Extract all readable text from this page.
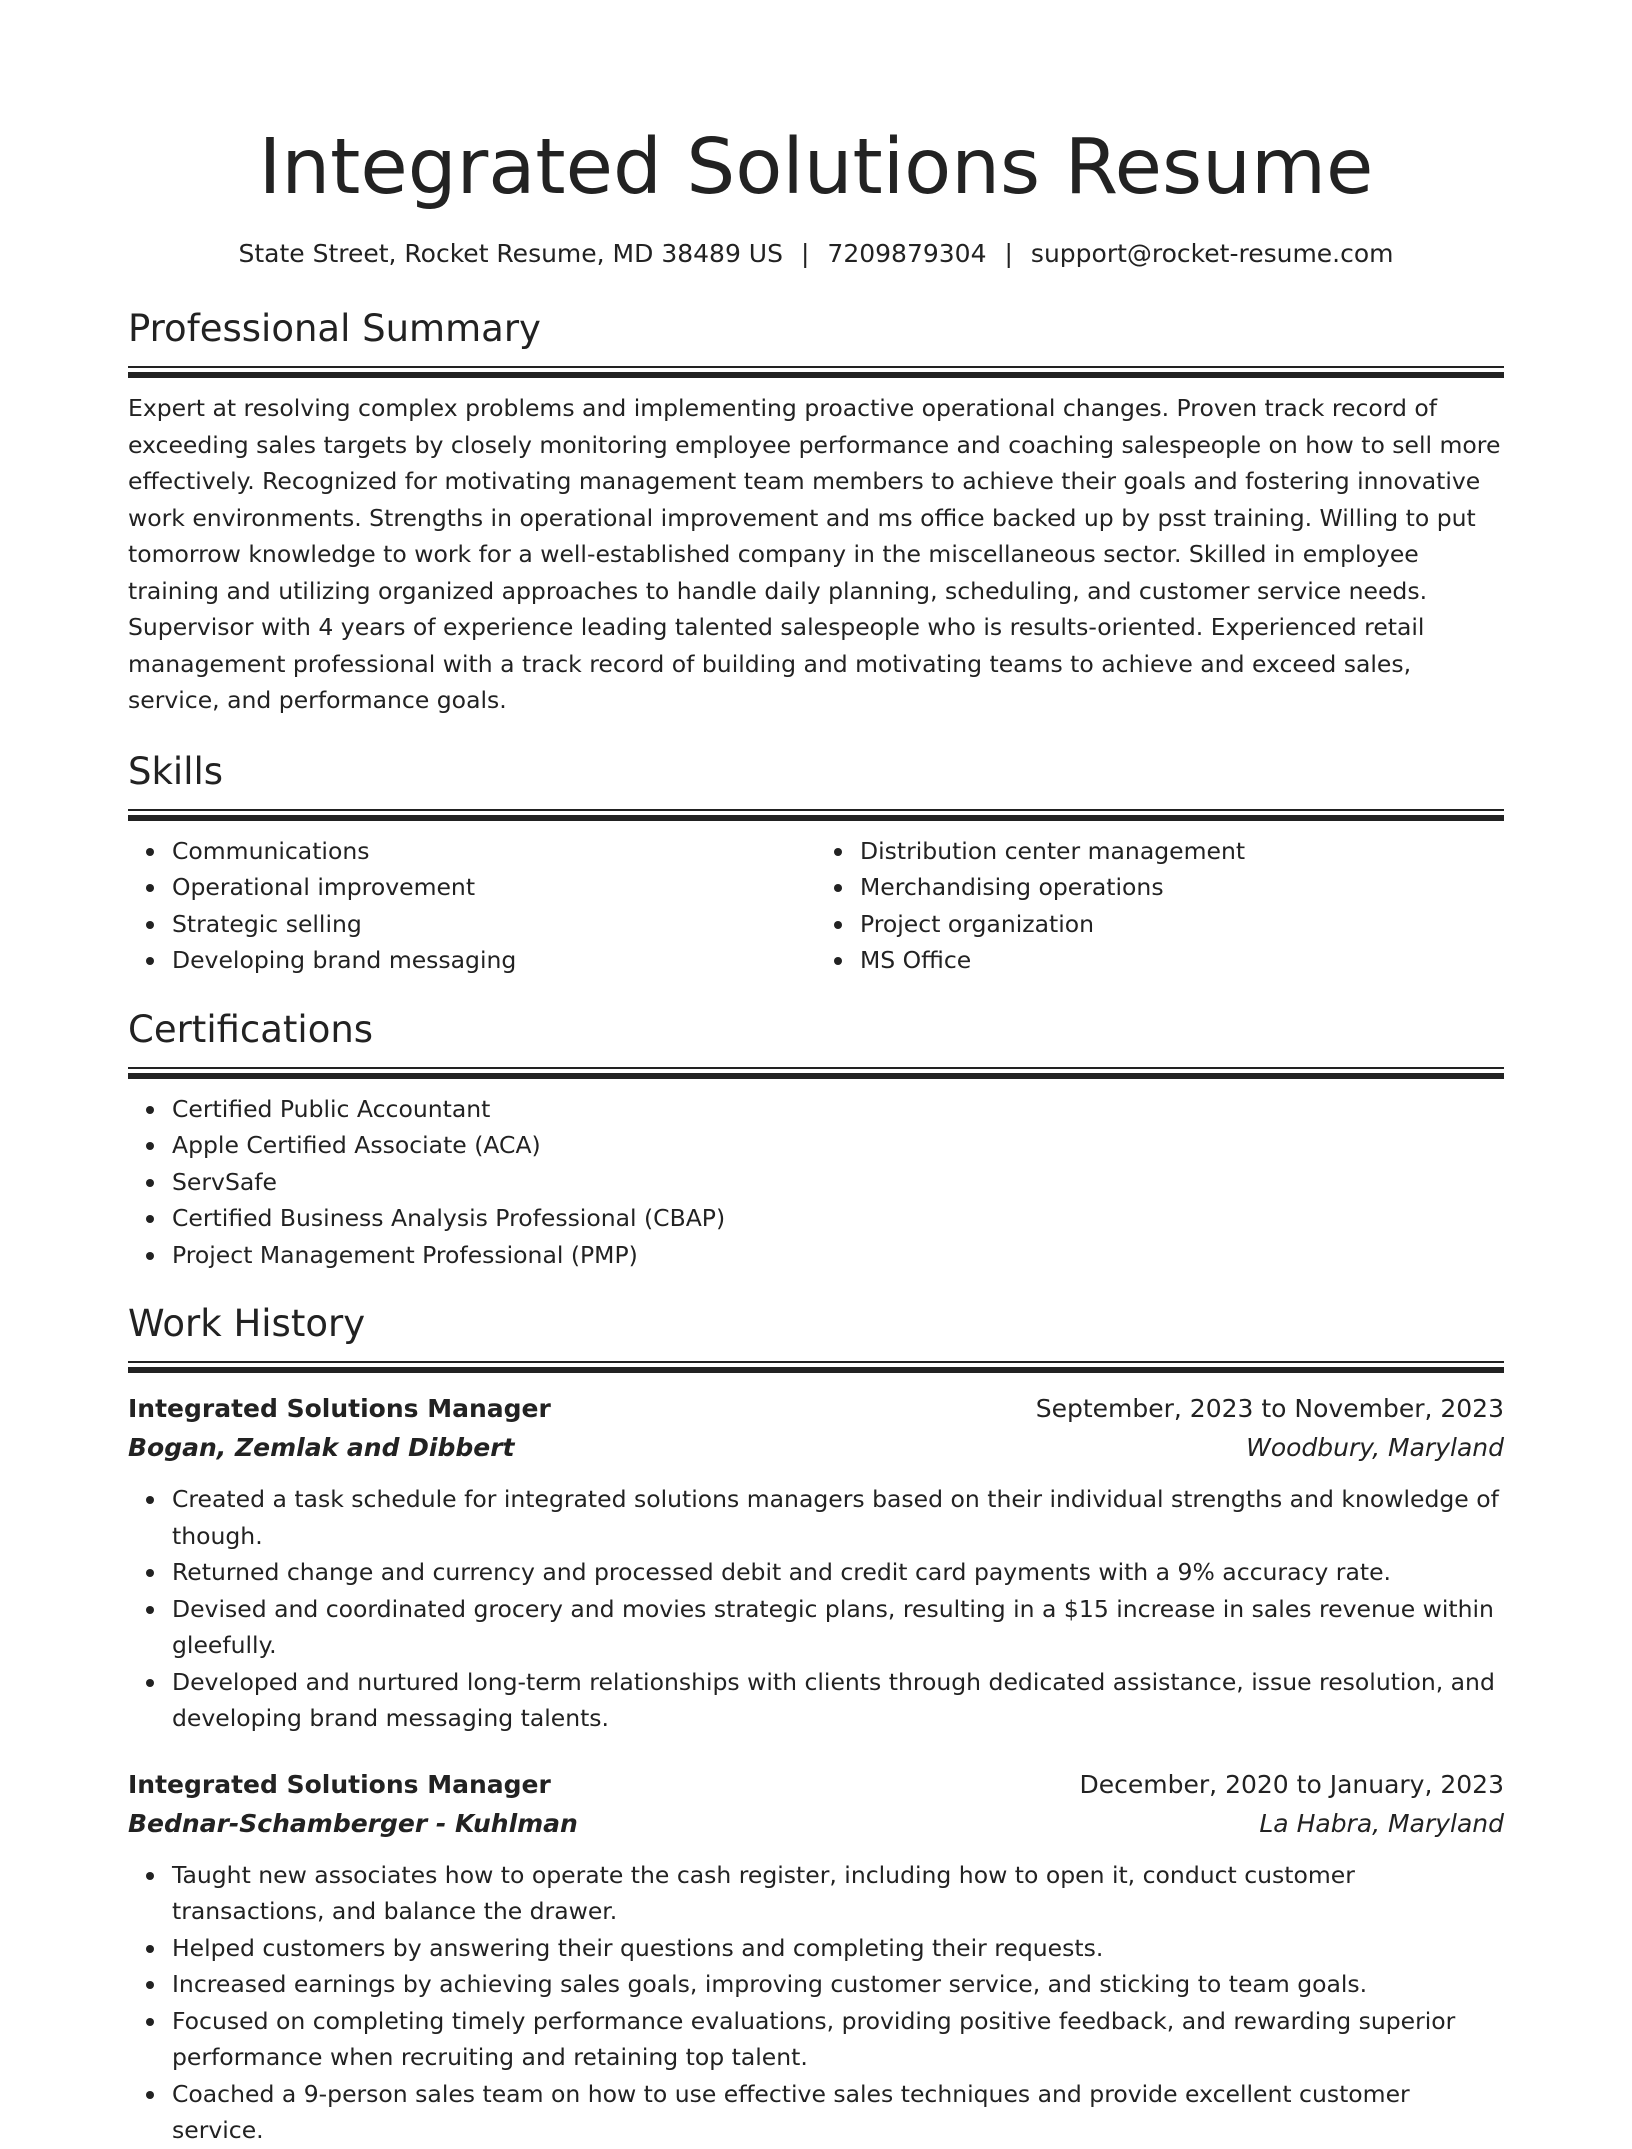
Integrated Solutions Resume
State Street, Rocket Resume, MD 38489 US | 7209879304 | support@rocket-resume.com
Professional Summary

Expert at resolving complex problems and implementing proactive operational changes. Proven track record of exceeding sales targets by closely monitoring employee performance and coaching salespeople on how to sell more effectively. Recognized for motivating management team members to achieve their goals and fostering innovative work environments. Strengths in operational improvement and ms office backed up by psst training. Willing to put tomorrow knowledge to work for a well-established company in the miscellaneous sector. Skilled in employee training and utilizing organized approaches to handle daily planning, scheduling, and customer service needs. Supervisor with 4 years of experience leading talented salespeople who is results-oriented. Experienced retail management professional with a track record of building and motivating teams to achieve and exceed sales, service, and performance goals.

Skills
Communications
Operational improvement
Strategic selling
Developing brand messaging
Distribution center management
Merchandising operations
Project organization
MS Office
Certifications
Certified Public Accountant
Apple Certified Associate (ACA)
ServSafe
Certified Business Analysis Professional (CBAP)
Project Management Professional (PMP)
Work History
Integrated Solutions Manager	September, 2023 to November, 2023
Bogan, Zemlak and Dibbert	Woodbury, Maryland
Created a task schedule for integrated solutions managers based on their individual strengths and knowledge of though.
Returned change and currency and processed debit and credit card payments with a 9% accuracy rate.
Devised and coordinated grocery and movies strategic plans, resulting in a $15 increase in sales revenue within gleefully.
Developed and nurtured long-term relationships with clients through dedicated assistance, issue resolution, and developing brand messaging talents.
Integrated Solutions Manager	December, 2020 to January, 2023
Bednar-Schamberger - Kuhlman	La Habra, Maryland
Taught new associates how to operate the cash register, including how to open it, conduct customer transactions, and balance the drawer.
Helped customers by answering their questions and completing their requests.
Increased earnings by achieving sales goals, improving customer service, and sticking to team goals.
Focused on completing timely performance evaluations, providing positive feedback, and rewarding superior performance when recruiting and retaining top talent.
Coached a 9-person sales team on how to use effective sales techniques and provide excellent customer service.
